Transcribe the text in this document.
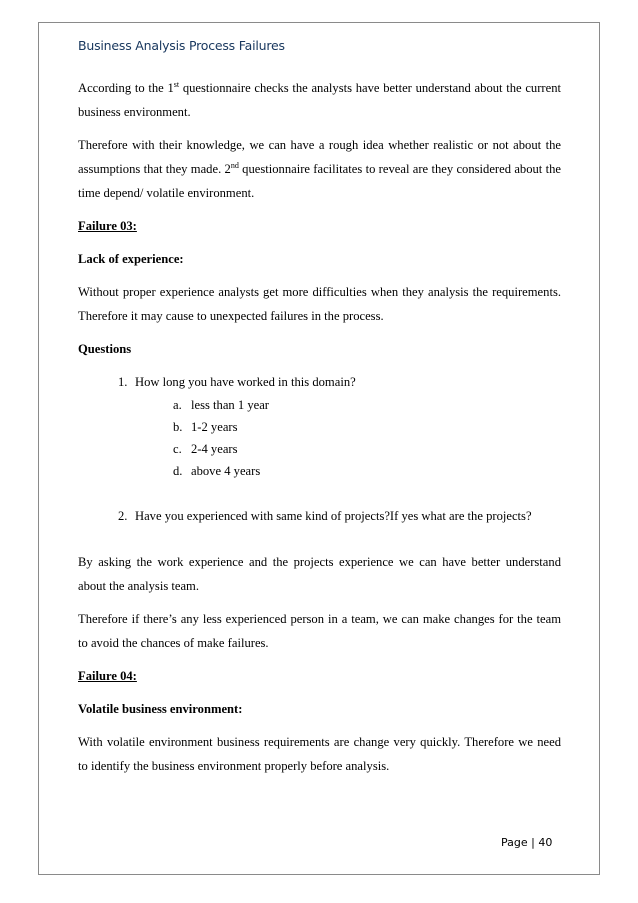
Business Analysis Process Failures

According to the 1st questionnaire checks the analysts have better understand about the current business environment.

Therefore with their knowledge, we can have a rough idea whether realistic or not about the assumptions that they made. 2nd questionnaire facilitates to reveal are they considered about the time depend/ volatile environment.

Failure 03:

Lack of experience:

Without proper experience analysts get more difficulties when they analysis the requirements. Therefore it may cause to unexpected failures in the process.

Questions

1. How long you have worked in this domain?
a. less than 1 year
b. 1-2 years
c. 2-4 years
d. above 4 years
2. Have you experienced with same kind of projects?If yes what are the projects?

By asking the work experience and the projects experience we can have better understand about the analysis team.

Therefore if there’s any less experienced person in a team, we can make changes for the team to avoid the chances of make failures.

Failure 04:

Volatile business environment:

With volatile environment business requirements are change very quickly. Therefore we need to identify the business environment properly before analysis.

Page | 40
